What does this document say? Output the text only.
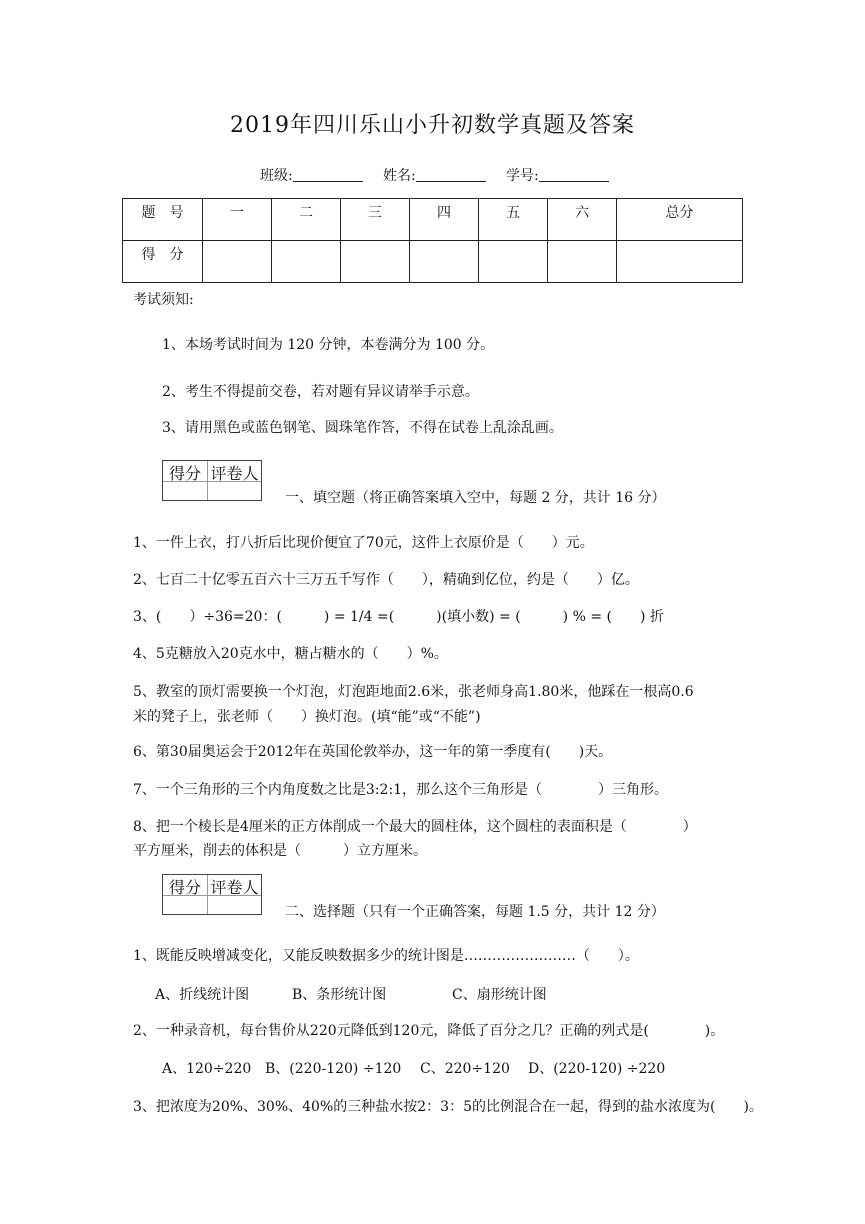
2019年四川乐山小升初数学真题及答案
班级:	姓名:	学号:
题　号	一	二	三	四	五	六	总分
得　分							
考试须知:
1、本场考试时间为 120 分钟，本卷满分为 100 分。
2、考生不得提前交卷，若对题有异议请举手示意。
3、请用黑色或蓝色钢笔、圆珠笔作答，不得在试卷上乱涂乱画。
得分 评卷人
一、填空题（将正确答案填入空中，每题 2 分，共计 16 分）
1、一件上衣，打八折后比现价便宜了70元，这件上衣原价是（　　）元。
2、七百二十亿零五百六十三万五千写作（　　），精确到亿位，约是（　　）亿。
3、(　　）÷36=20：(　　　) = 1/4 =(　　　)(填小数) = (　　　) % = (　　) 折
4、5克糖放入20克水中，糖占糖水的（　　）%。
5、教室的顶灯需要换一个灯泡，灯泡距地面2.6米，张老师身高1.80米，他踩在一根高0.6
米的凳子上，张老师（　　）换灯泡。(填“能”或“不能”)
6、第30届奥运会于2012年在英国伦敦举办，这一年的第一季度有(　　)天。
7、一个三角形的三个内角度数之比是3:2:1，那么这个三角形是（　　　　）三角形。
8、把一个棱长是4厘米的正方体削成一个最大的圆柱体，这个圆柱的表面积是（　　　　）
平方厘米，削去的体积是（　　　）立方厘米。
得分 评卷人
二、选择题（只有一个正确答案，每题 1.5 分，共计 12 分）
1、既能反映增减变化，又能反映数据多少的统计图是……………………（　　）。
A、折线统计图	B、条形统计图	C、扇形统计图
2、一种录音机，每台售价从220元降低到120元，降低了百分之几？正确的列式是(　　　　)。
A、120÷220 B、(220-120) ÷120 C、220÷120 D、(220-120) ÷220
3、把浓度为20%、30%、40%的三种盐水按2：3：5的比例混合在一起，得到的盐水浓度为(　　)。
